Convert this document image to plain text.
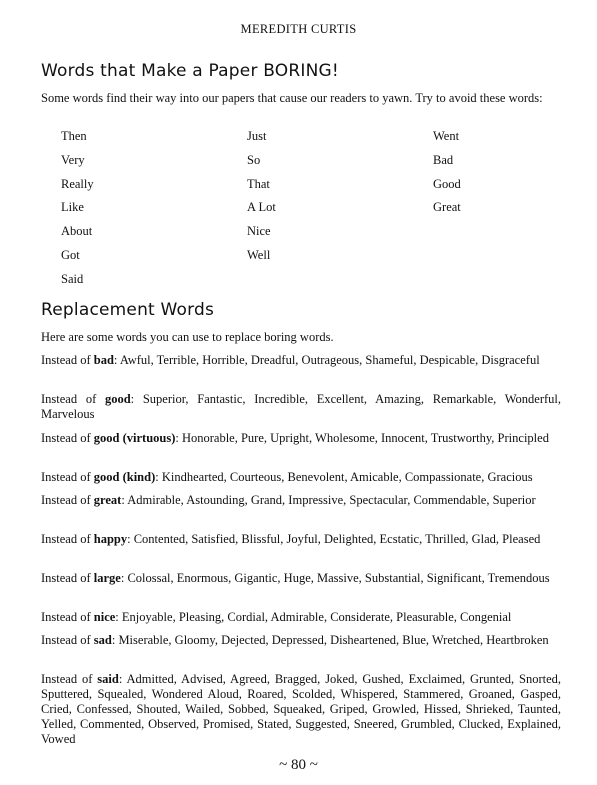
MEREDITH CURTIS
Words that Make a Paper BORING!

Some words find their way into our papers that cause our readers to yawn. Try to avoid these words:

Then
Very
Really
Like
About
Got
Said
Just
So
That
A Lot
Nice
Well
Went
Bad
Good
Great
Replacement Words

Here are some words you can use to replace boring words.

Instead of bad: Awful, Terrible, Horrible, Dreadful, Outrageous, Shameful, Despicable, Disgraceful

Instead of good: Superior, Fantastic, Incredible, Excellent, Amazing, Remarkable, Wonderful, Marvelous

Instead of good (virtuous): Honorable, Pure, Upright, Wholesome, Innocent, Trustworthy, Principled

Instead of good (kind): Kindhearted, Courteous, Benevolent, Amicable, Compassionate, Gracious

Instead of great: Admirable, Astounding, Grand, Impressive, Spectacular, Commendable, Superior

Instead of happy: Contented, Satisfied, Blissful, Joyful, Delighted, Ecstatic, Thrilled, Glad, Pleased

Instead of large: Colossal, Enormous, Gigantic, Huge, Massive, Substantial, Significant, Tremendous

Instead of nice: Enjoyable, Pleasing, Cordial, Admirable, Considerate, Pleasurable, Congenial

Instead of sad: Miserable, Gloomy, Dejected, Depressed, Disheartened, Blue, Wretched, Heartbroken

Instead of said: Admitted, Advised, Agreed, Bragged, Joked, Gushed, Exclaimed, Grunted, Snorted, Sputtered, Squealed, Wondered Aloud, Roared, Scolded, Whispered, Stammered, Groaned, Gasped, Cried, Confessed, Shouted, Wailed, Sobbed, Squeaked, Griped, Growled, Hissed, Shrieked, Taunted, Yelled, Commented, Observed, Promised, Stated, Suggested, Sneered, Grumbled, Clucked, Explained, Vowed

~ 80 ~
